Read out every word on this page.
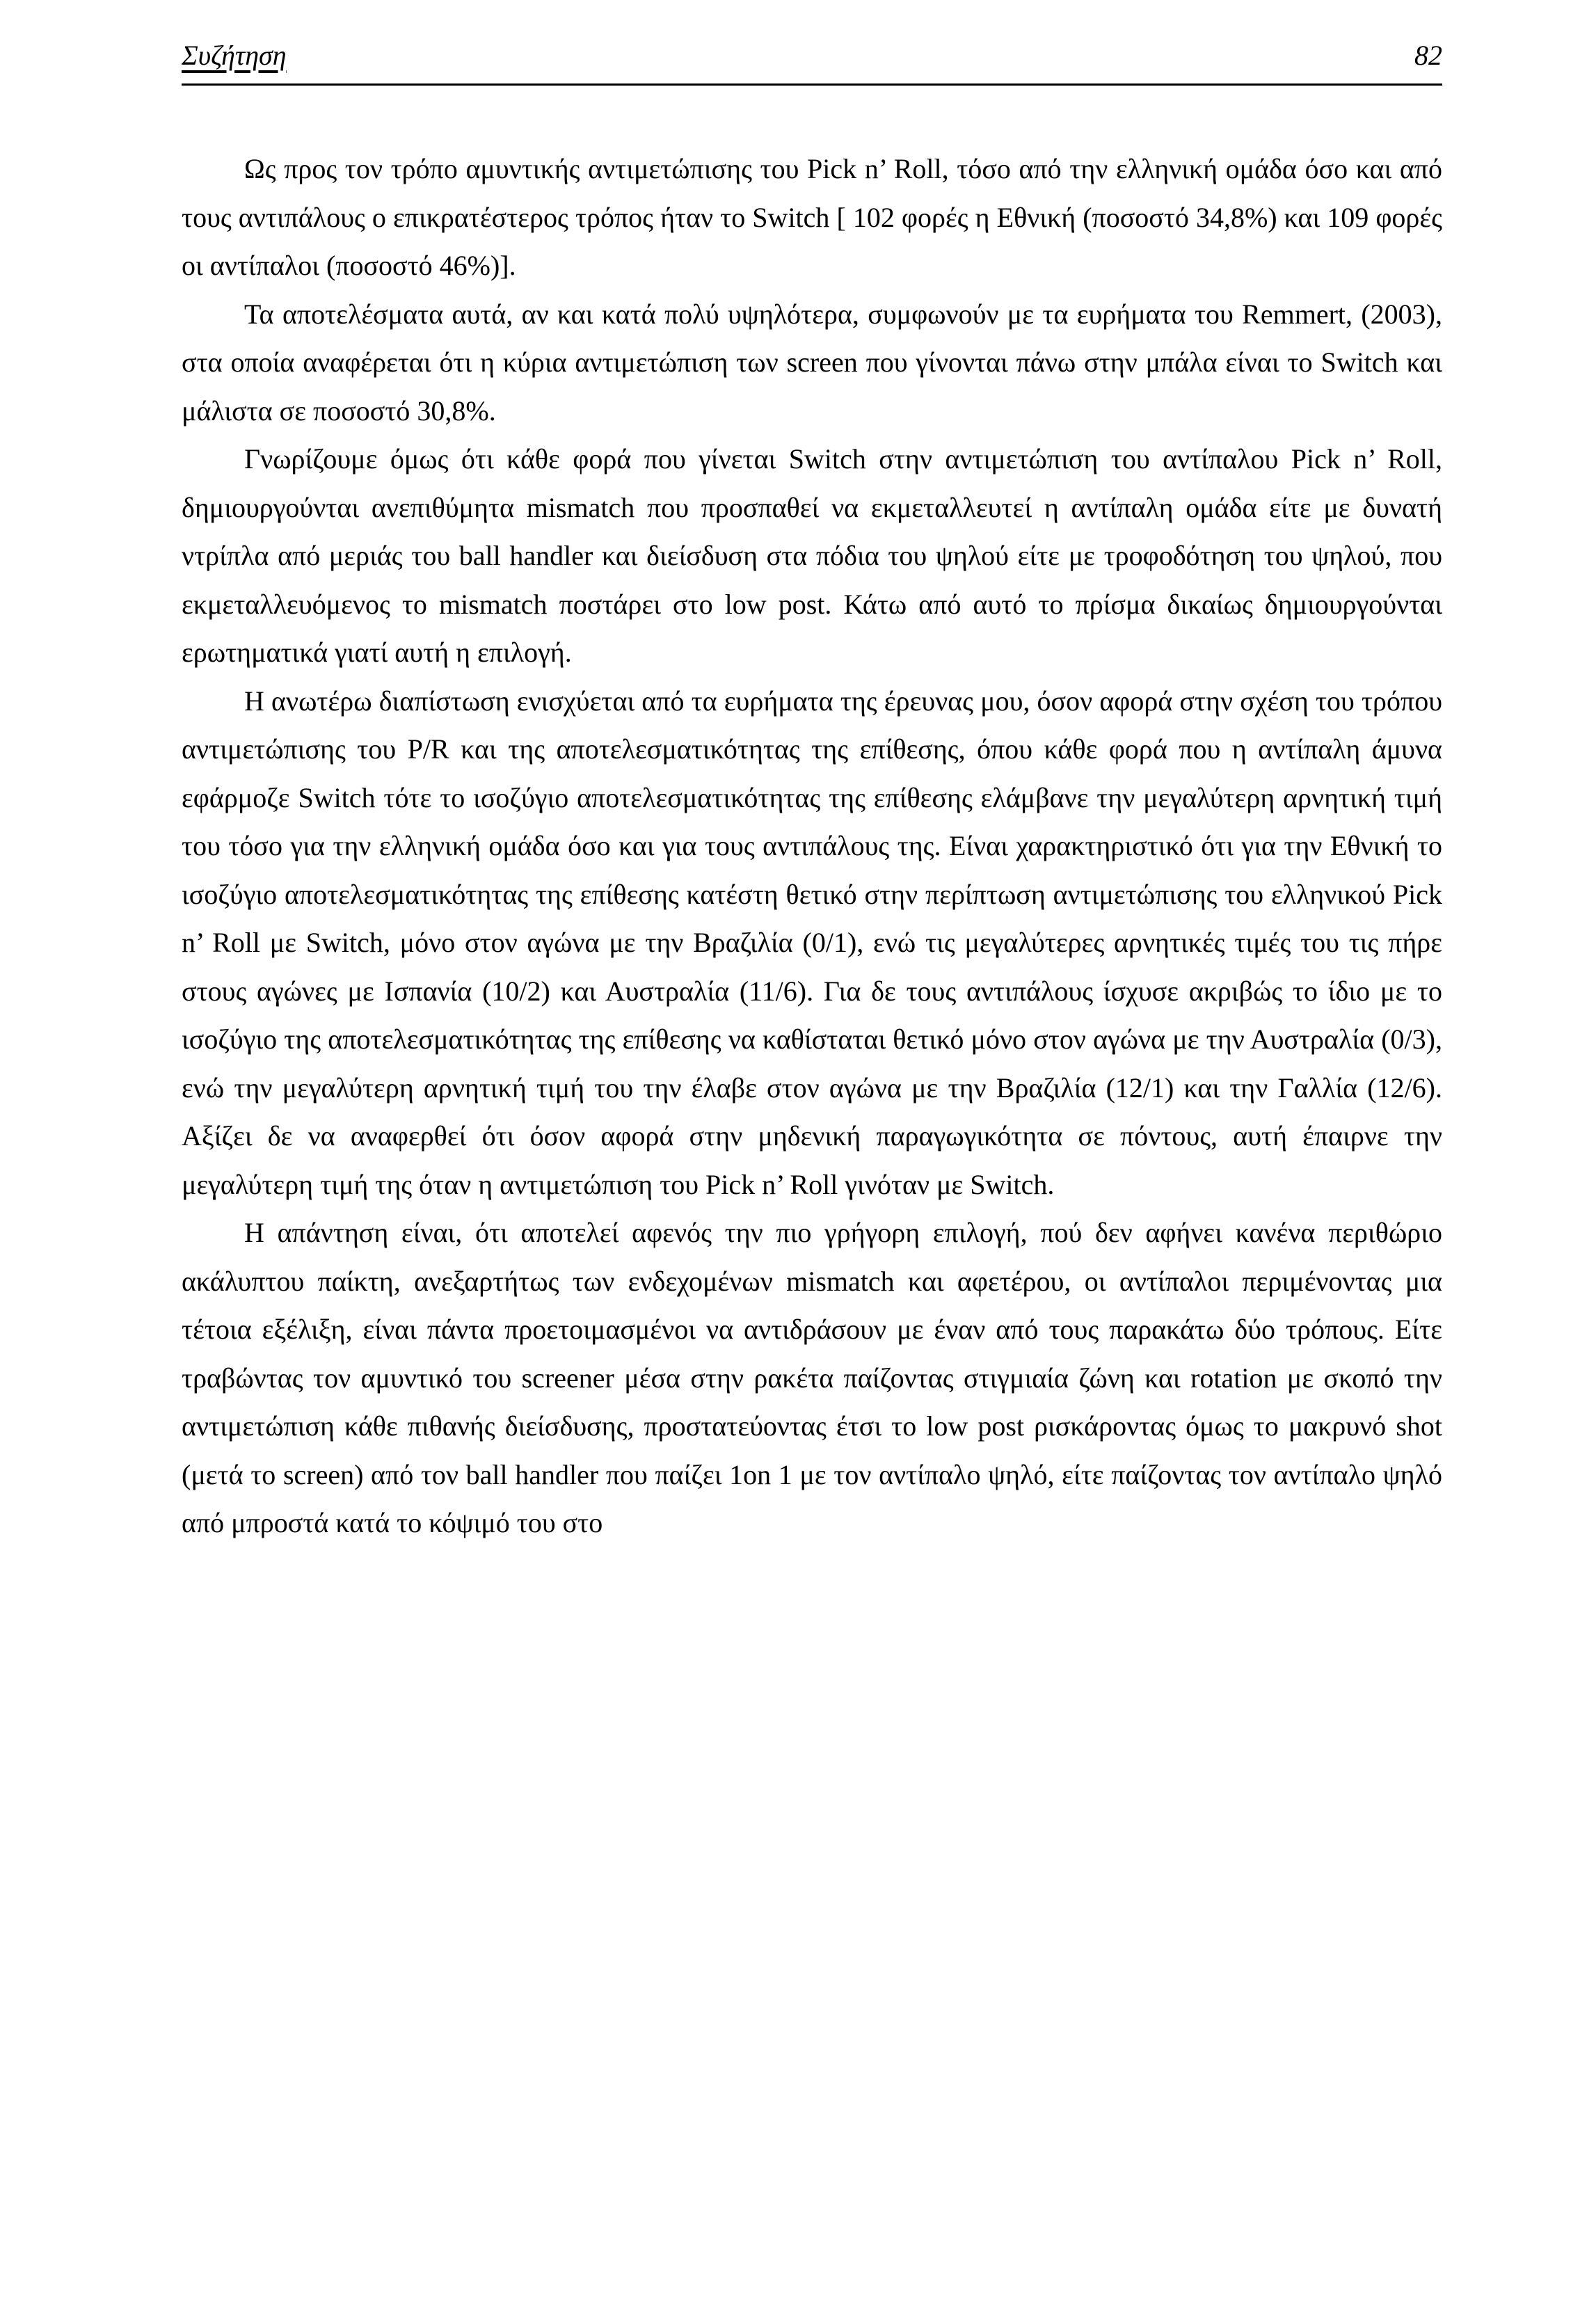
Συζήτηση	82

Ως προς τον τρόπο αμυντικής αντιμετώπισης του Pick n’ Roll, τόσο από την ελληνική ομάδα όσο και από τους αντιπάλους ο επικρατέστερος τρόπος ήταν το Switch [ 102 φορές η Εθνική (ποσοστό 34,8%) και 109 φορές οι αντίπαλοι (ποσοστό 46%)].

Τα αποτελέσματα αυτά, αν και κατά πολύ υψηλότερα, συμφωνούν με τα ευρήματα του Remmert, (2003), στα οποία αναφέρεται ότι η κύρια αντιμετώπιση των screen που γίνονται πάνω στην μπάλα είναι το Switch και μάλιστα σε ποσοστό 30,8%.

Γνωρίζουμε όμως ότι κάθε φορά που γίνεται Switch στην αντιμετώπιση του αντίπαλου Pick n’ Roll, δημιουργούνται ανεπιθύμητα mismatch που προσπαθεί να εκμεταλλευτεί η αντίπαλη ομάδα είτε με δυνατή ντρίπλα από μεριάς του ball handler και διείσδυση στα πόδια του ψηλού είτε με τροφοδότηση του ψηλού, που εκμεταλλευόμενος το mismatch ποστάρει στο low post. Κάτω από αυτό το πρίσμα δικαίως δημιουργούνται ερωτηματικά γιατί αυτή η επιλογή.

Η ανωτέρω διαπίστωση ενισχύεται από τα ευρήματα της έρευνας μου, όσον αφορά στην σχέση του τρόπου αντιμετώπισης του P/R και της αποτελεσματικότητας της επίθεσης, όπου κάθε φορά που η αντίπαλη άμυνα εφάρμοζε Switch τότε το ισοζύγιο αποτελεσματικότητας της επίθεσης ελάμβανε την μεγαλύτερη αρνητική τιμή του τόσο για την ελληνική ομάδα όσο και για τους αντιπάλους της. Είναι χαρακτηριστικό ότι για την Εθνική το ισοζύγιο αποτελεσματικότητας της επίθεσης κατέστη θετικό στην περίπτωση αντιμετώπισης του ελληνικού Pick n’ Roll με Switch, μόνο στον αγώνα με την Βραζιλία (0/1), ενώ τις μεγαλύτερες αρνητικές τιμές του τις πήρε στους αγώνες με Ισπανία (10/2) και Αυστραλία (11/6). Για δε τους αντιπάλους ίσχυσε ακριβώς το ίδιο με το ισοζύγιο της αποτελεσματικότητας της επίθεσης να καθίσταται θετικό μόνο στον αγώνα με την Αυστραλία (0/3), ενώ την μεγαλύτερη αρνητική τιμή του την έλαβε στον αγώνα με την Βραζιλία (12/1) και την Γαλλία (12/6). Αξίζει δε να αναφερθεί ότι όσον αφορά στην μηδενική παραγωγικότητα σε πόντους, αυτή έπαιρνε την μεγαλύτερη τιμή της όταν η αντιμετώπιση του Pick n’ Roll γινόταν με Switch.

Η απάντηση είναι, ότι αποτελεί αφενός την πιο γρήγορη επιλογή, πού δεν αφήνει κανένα περιθώριο ακάλυπτου παίκτη, ανεξαρτήτως των ενδεχομένων mismatch και αφετέρου, οι αντίπαλοι περιμένοντας μια τέτοια εξέλιξη, είναι πάντα προετοιμασμένοι να αντιδράσουν με έναν από τους παρακάτω δύο τρόπους. Είτε τραβώντας τον αμυντικό του screener μέσα στην ρακέτα παίζοντας στιγμιαία ζώνη και rotation με σκοπό την αντιμετώπιση κάθε πιθανής διείσδυσης, προστατεύοντας έτσι το low post ρισκάροντας όμως το μακρυνό shot (μετά το screen) από τον ball handler που παίζει 1on 1 με τον αντίπαλο ψηλό, είτε παίζοντας τον αντίπαλο ψηλό από μπροστά κατά το κόψιμό του στο
